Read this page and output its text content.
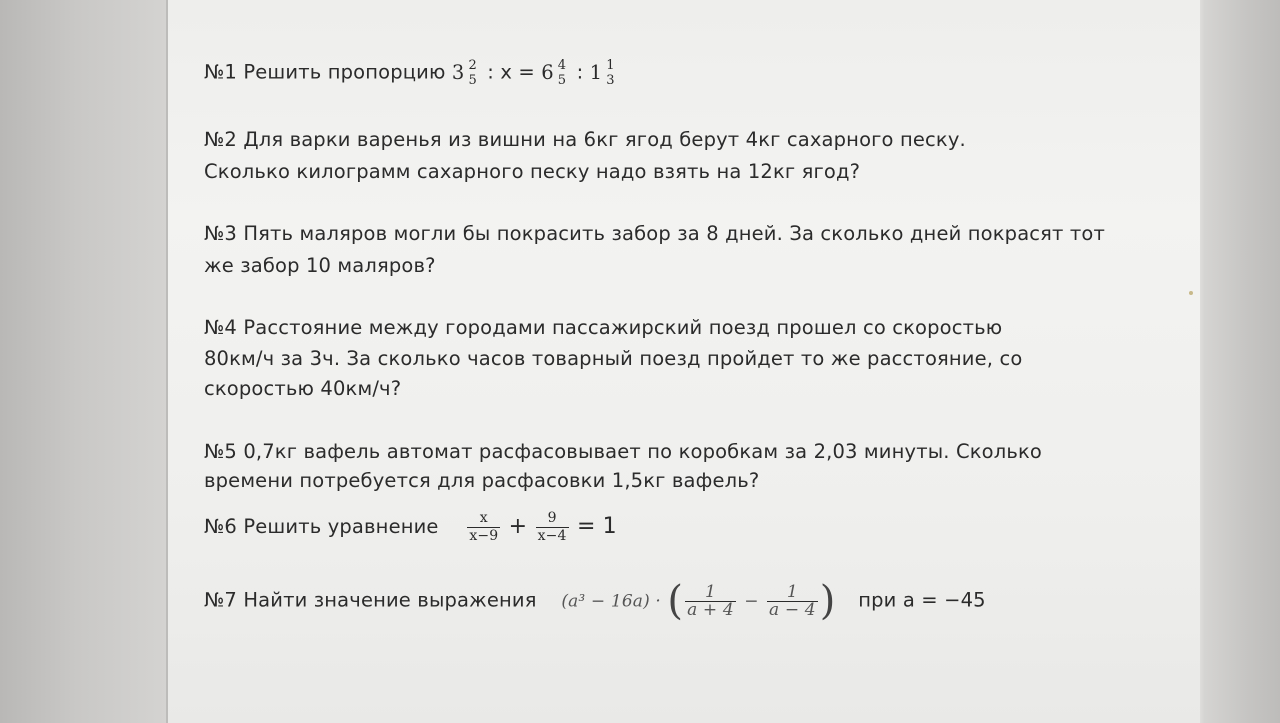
№1 Решить пропорцию 3 2
5 : x = 6 4
5 : 1 1
3
№2 Для варки варенья из вишни на 6кг ягод берут 4кг сахарного песку.
Сколько килограмм сахарного песку надо взять на 12кг ягод?
№3 Пять маляров могли бы покрасить забор за 8 дней. За сколько дней покрасят тот
же забор 10 маляров?
№4 Расстояние между городами пассажирский поезд прошел со скоростью
80км/ч за 3ч. За сколько часов товарный поезд пройдет то же расстояние, со
скоростью 40км/ч?
№5 0,7кг вафель автомат расфасовывает по коробкам за 2,03 минуты. Сколько
времени потребуется для расфасовки 1,5кг вафель?
№6 Решить уравнение $\frac{x}{x-9} + \frac{9}{x-4} = 1$
№7 Найти значение выражения (a³ − 16a) · ( $\frac{1}{a + 4} - \frac{1}{a - 4}$ ) при a = −45
